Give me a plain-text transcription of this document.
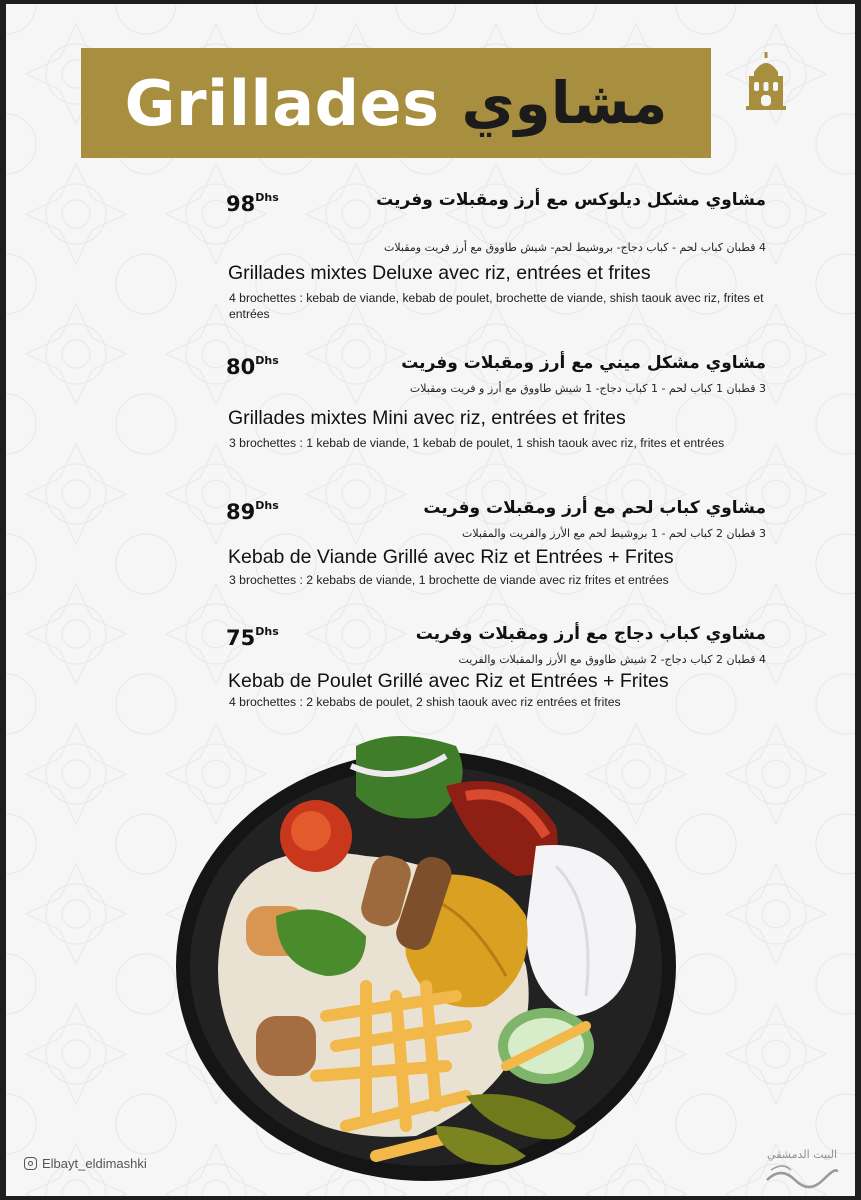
Grillades مشاوي
$98^{Dhs}$	مشاوي مشكل ديلوكس مع أرز ومقبلات وفريت
4 قطبان كباب لحم - كباب دجاج- بروشيط لحم- شيش طاووق مع أرز فريت ومقبلات
Grillades mixtes Deluxe avec riz, entrées et frites
4 brochettes : kebab de viande, kebab de poulet, brochette de viande, shish taouk avec riz, frites et entrées
$80^{Dhs}$	مشاوي مشكل ميني مع أرز ومقبلات وفريت
3 قطبان 1 كباب لحم - 1 كباب دجاج- 1 شيش طاووق مع أرز و فريت ومقبلات
Grillades mixtes Mini avec riz, entrées et frites
3 brochettes : 1 kebab de viande, 1 kebab de poulet, 1 shish taouk avec riz, frites et entrées
$89^{Dhs}$	مشاوي كباب لحم مع أرز ومقبلات وفريت
3 قطبان 2 كباب لحم - 1 بروشيط لحم مع الأرز والفريت والمقبلات
Kebab de Viande Grillé avec Riz et Entrées + Frites
3 brochettes : 2 kebabs de viande, 1 brochette de viande avec riz frites et entrées
$75^{Dhs}$	مشاوي كباب دجاج مع أرز ومقبلات وفريت
4 قطبان 2 كباب دجاج- 2 شيش طاووق مع الأرز والمقبلات والفريت
Kebab de Poulet Grillé avec Riz et Entrées + Frites
4 brochettes : 2 kebabs de poulet, 2 shish taouk avec riz entrées et frites
Elbayt_eldimashki
البيت الدمشقي
